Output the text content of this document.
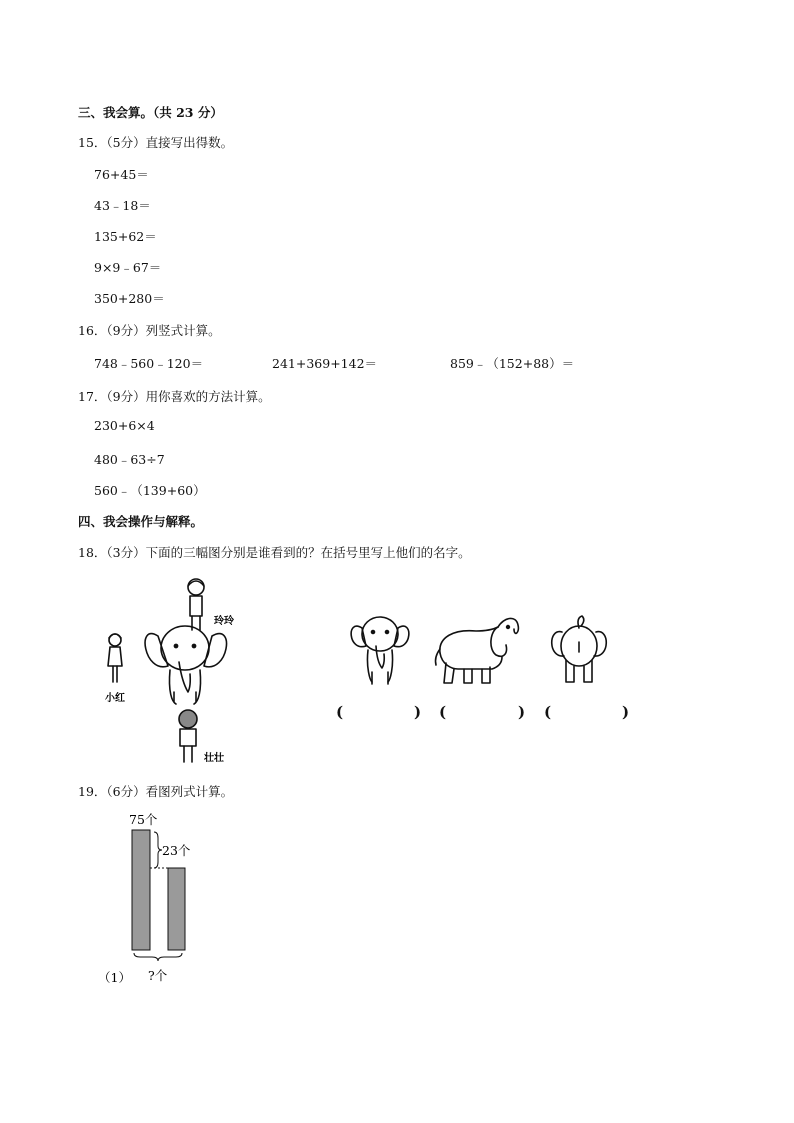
三、我会算。（共 23 分）
15．（5分）直接写出得数。
76+45＝
43﹣18＝
135+62＝
9×9﹣67＝
350+280＝
16．（9分）列竖式计算。
748﹣560﹣120＝	241+369+142＝	859﹣（152+88）＝
17．（9分）用你喜欢的方法计算。
230+6×4
480﹣63÷7
560﹣（139+60）
四、我会操作与解释。
18．（3分）下面的三幅图分别是谁看到的？在括号里写上他们的名字。
玲玲
小红
壮壮
(	) (	) (	)
19．（6分）看图列式计算。
75个
23个
?个
（1）
